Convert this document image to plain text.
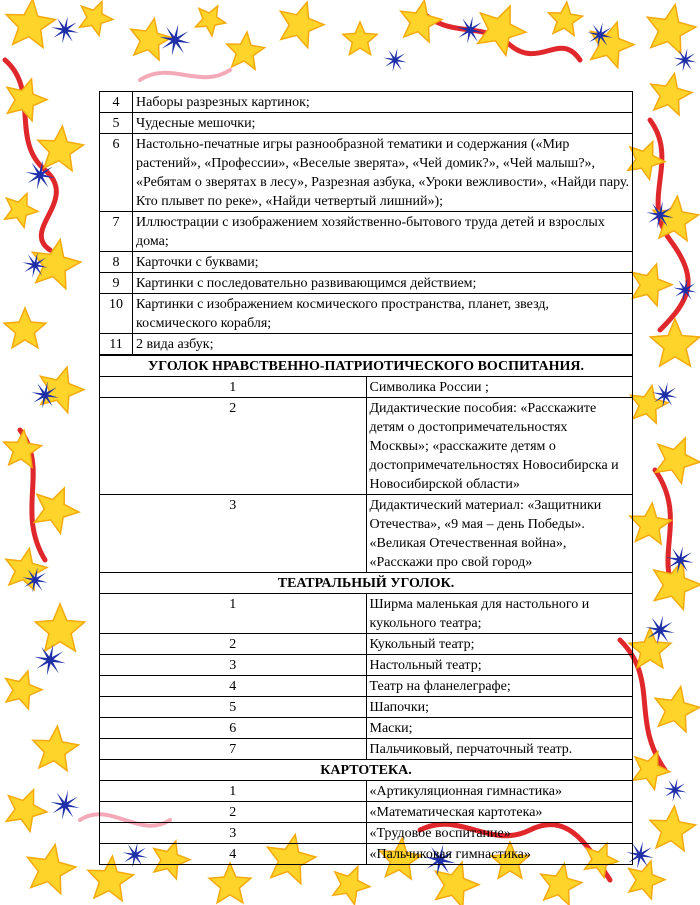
4	Наборы разрезных картинок;
5	Чудесные мешочки;
6	Настольно-печатные игры разнообразной тематики и содержания («Мир растений», «Профессии», «Веселые зверята», «Чей домик?», «Чей малыш?», «Ребятам о зверятах в лесу», Разрезная азбука, «Уроки вежливости», «Найди пару. Кто плывет по реке», «Найди четвертый лишний»);
7	Иллюстрации с изображением хозяйственно-бытового труда детей и взрослых дома;
8	Карточки с буквами;
9	Картинки с последовательно развивающимся действием;
10	Картинки с изображением космического пространства, планет, звезд, космического корабля;
11	2 вида азбук;
УГОЛОК НРАВСТВЕННО-ПАТРИОТИЧЕСКОГО ВОСПИТАНИЯ.	
1	Символика России ;
2	Дидактические пособия: «Расскажите детям о достопримечательностях Москвы»; «расскажите детям о достопримечательностях Новосибирска и Новосибирской области»
3	Дидактический материал: «Защитники Отечества», «9 мая – день Победы». «Великая Отечественная война», «Расскажи про свой город»
ТЕАТРАЛЬНЫЙ УГОЛОК.	
1	Ширма маленькая для настольного и кукольного театра;
2	Кукольный театр;
3	Настольный театр;
4	Театр на фланелеграфе;
5	Шапочки;
6	Маски;
7	Пальчиковый, перчаточный театр.
КАРТОТЕКА.	
1	«Артикуляционная гимнастика»
2	«Математическая картотека»
3	«Трудовое воспитание»
4	«Пальчиковая гимнастика»
